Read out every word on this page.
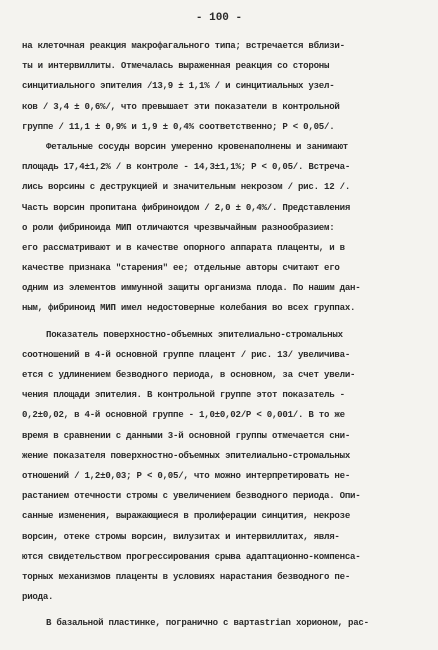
- 100 -
на клеточная реакция макрофагального типа; встречается вблизи-
ты и интервиллиты. Отмечалась выраженная реакция со стороны
синцитиального эпителия /13,9 ± 1,1% / и синцитиальных узел-
ков / 3,4 ± 0,6%/, что превышает эти показатели в контрольной
группе / 11,1 ± 0,9% и 1,9 ± 0,4% соответственно; Р < 0,05/.
Фетальные сосуды ворсин умеренно кровенаполнены и занимают
площадь 17,4±1,2% / в контроле - 14,3±1,1%; Р < 0,05/. Встреча-
лись ворсины с деструкцией и значительным некрозом / рис. 12 /.
Часть ворсин пропитана фибриноидом / 2,0 ± 0,4%/. Представления
о роли фибриноида МИП отличаются чрезвычайным разнообразием:
его рассматривают и в качестве опорного аппарата плаценты, и в
качестве признака "старения" ее; отдельные авторы считают его
одним из элементов иммунной защиты организма плода. По нашим дан-
ным, фибриноид МИП имел недостоверные колебания во всех группах.
Показатель поверхностно-объемных эпителиально-стромальных
соотношений в 4-й основной группе плацент / рис. 13/ увеличива-
ется с удлинением безводного периода, в основном, за счет увели-
чения площади эпителия. В контрольной группе этот показатель -
0,2±0,02, в 4-й основной группе - 1,0±0,02/Р < 0,001/. В то же
время в сравнении с данными 3-й основной группы отмечается сни-
жение показателя поверхностно-объемных эпителиально-стромальных
отношений / 1,2±0,03; Р < 0,05/, что можно интерпретировать не-
растанием отечности стромы с увеличением безводного периода. Опи-
санные изменения, выражающиеся в пролиферации синцития, некрозе
ворсин, отеке стромы ворсин, вилузитах и интервиллитах, явля-
ются свидетельством прогрессирования срыва адаптационно-компенса-
торных механизмов плаценты в условиях нарастания безводного пе-
риода.
В базальной пластинке, погранично с вартаstrian хорионом, рас-
